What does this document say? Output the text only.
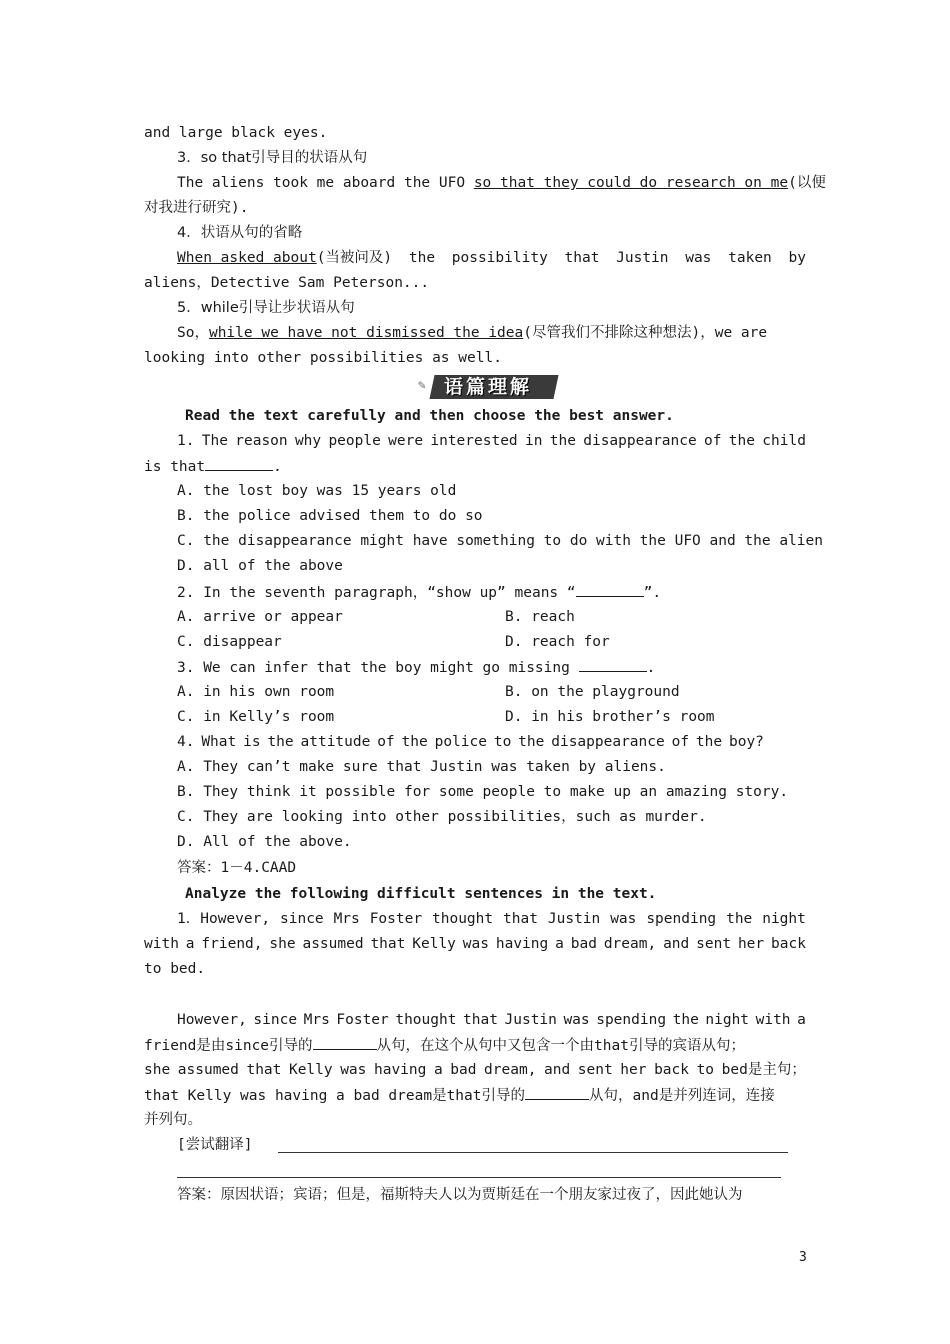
and large black eyes.
3．so that引导目的状语从句
The aliens took me aboard the UFO so that they could do research on me(以便
对我进行研究).
4．状语从句的省略
When asked about(当被问及) the possibility that Justin was taken by
aliens，Detective Sam Peterson...
5．while引导让步状语从句
So，while we have not dismissed the idea(尽管我们不排除这种想法)，we are
looking into other possibilities as well.
✎ 语篇理解
Read the text carefully and then choose the best answer.
1. The reason why people were interested in the disappearance of the child
is that	.
A. the lost boy was 15 years old
B. the police advised them to do so
C. the disappearance might have something to do with the UFO and the alien
D. all of the above
2. In the seventh paragraph，“show up” means “	”.
A. arrive or appear	B. reach
C. disappear	D. reach for
3. We can infer that the boy might go missing	.
A. in his own room	B. on the playground
C. in Kelly’s room	D. in his brother’s room
4. What is the attitude of the police to the disappearance of the boy?
A. They can’t make sure that Justin was taken by aliens.
B. They think it possible for some people to make up an amazing story.
C. They are looking into other possibilities，such as murder.
D. All of the above.
答案：1－4.CAAD
Analyze the following difficult sentences in the text.
1．However, since Mrs Foster thought that Justin was spending the night
with a friend, she assumed that Kelly was having a bad dream, and sent her back
to bed.
However, since Mrs Foster thought that Justin was spending the night with a
friend是由since引导的	从句，在这个从句中又包含一个由that引导的宾语从句；
she assumed that Kelly was having a bad dream, and sent her back to bed是主句；
that Kelly was having a bad dream是that引导的	从句，and是并列连词，连接
并列句。
[尝试翻译]
答案：原因状语；宾语；但是，福斯特夫人以为贾斯廷在一个朋友家过夜了，因此她认为
3
